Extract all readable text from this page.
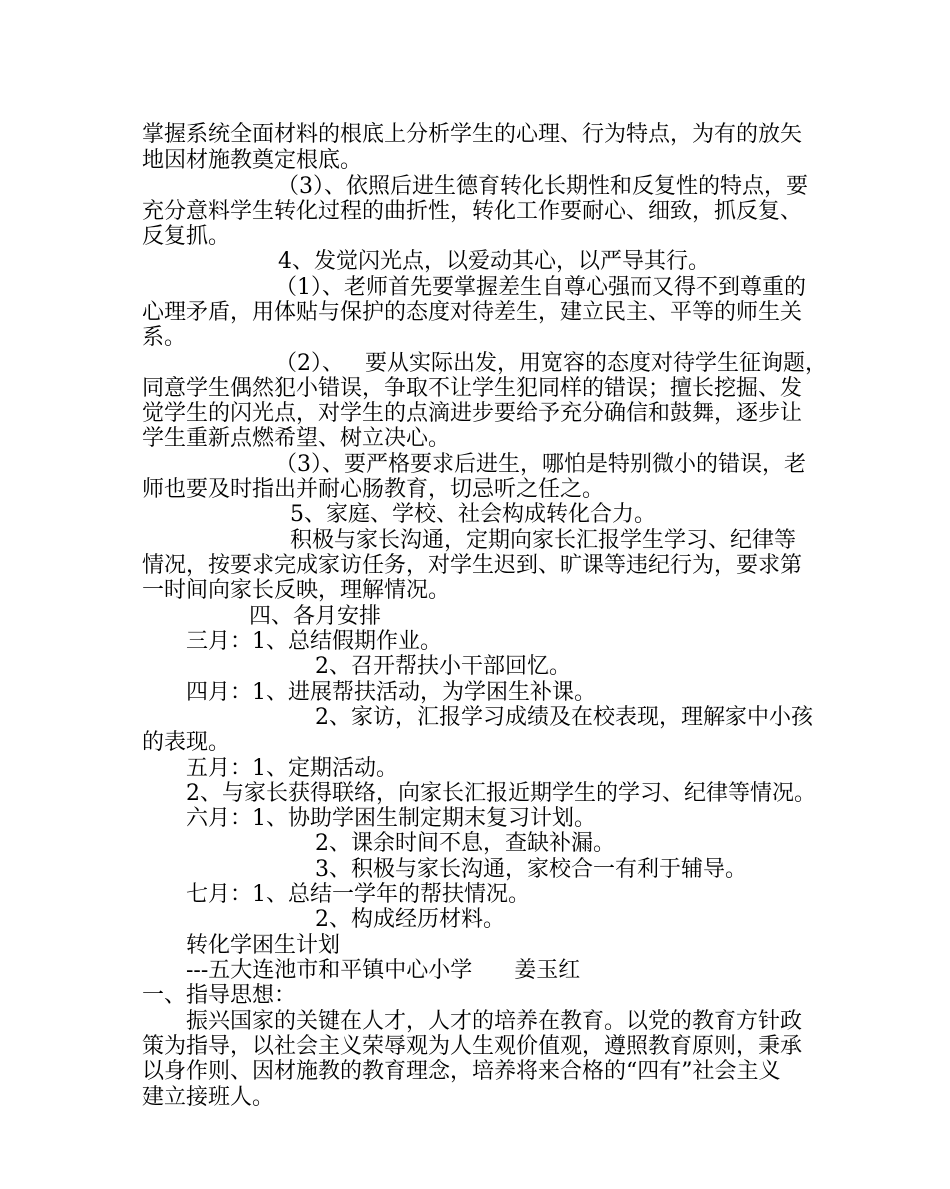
掌握系统全面材料的根底上分析学生的心理、行为特点，为有的放矢
地因材施教奠定根底。
（3）、依照后进生德育转化长期性和反复性的特点，要
充分意料学生转化过程的曲折性，转化工作要耐心、细致，抓反复、
反复抓。
4、发觉闪光点，以爱动其心，以严导其行。
（1）、老师首先要掌握差生自尊心强而又得不到尊重的
心理矛盾，用体贴与保护的态度对待差生，建立民主、平等的师生关
系。
（2）、   要从实际出发，用宽容的态度对待学生征询题，
同意学生偶然犯小错误，争取不让学生犯同样的错误；擅长挖掘、发
觉学生的闪光点，对学生的点滴进步要给予充分确信和鼓舞，逐步让
学生重新点燃希望、树立决心。
（3）、要严格要求后进生，哪怕是特别微小的错误，老
师也要及时指出并耐心肠教育，切忌听之任之。
5、家庭、学校、社会构成转化合力。
积极与家长沟通，定期向家长汇报学生学习、纪律等
情况，按要求完成家访任务，对学生迟到、旷课等违纪行为，要求第
一时间向家长反映，理解情况。
四、各月安排
三月：1、总结假期作业。
2、召开帮扶小干部回忆。
四月：1、进展帮扶活动，为学困生补课。
2、家访，汇报学习成绩及在校表现，理解家中小孩
的表现。
五月：1、定期活动。
2、与家长获得联络，向家长汇报近期学生的学习、纪律等情况。
六月：1、协助学困生制定期末复习计划。
2、课余时间不息，查缺补漏。
3、积极与家长沟通，家校合一有利于辅导。
七月：1、总结一学年的帮扶情况。
2、构成经历材料。
转化学困生计划
---五大连池市和平镇中心小学      姜玉红
一、指导思想：
振兴国家的关键在人才，人才的培养在教育。以党的教育方针政
策为指导，以社会主义荣辱观为人生观价值观，遵照教育原则，秉承
以身作则、因材施教的教育理念，培养将来合格的“四有”社会主义
建立接班人。
